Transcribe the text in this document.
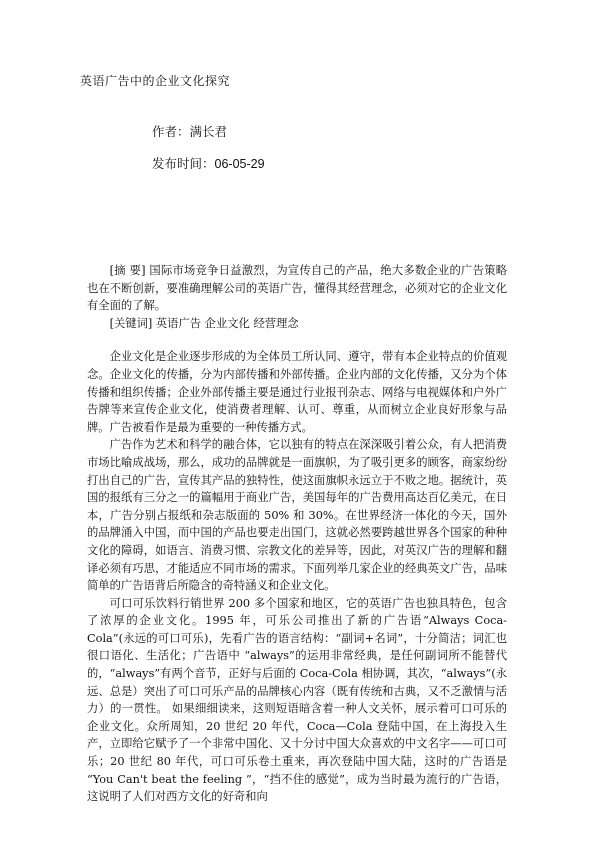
英语广告中的企业文化探究
作者：满长君
发布时间：06-05-29

[摘 要] 国际市场竞争日益激烈，为宣传自己的产品，绝大多数企业的广告策略也在不断创新，要准确理解公司的英语广告，懂得其经营理念，必须对它的企业文化有全面的了解。

[关键词] 英语广告 企业文化 经营理念

企业文化是企业逐步形成的为全体员工所认同、遵守，带有本企业特点的价值观念。企业文化的传播，分为内部传播和外部传播。企业内部的文化传播，又分为个体传播和组织传播；企业外部传播主要是通过行业报刊杂志、网络与电视媒体和户外广告牌等来宣传企业文化，使消费者理解、认可、尊重，从而树立企业良好形象与品牌。广告被看作是最为重要的一种传播方式。

广告作为艺术和科学的融合体，它以独有的特点在深深吸引着公众，有人把消费市场比喻成战场，那么，成功的品牌就是一面旗帜，为了吸引更多的顾客，商家纷纷打出自己的广告，宣传其产品的独特性，使这面旗帜永远立于不败之地。据统计，英国的报纸有三分之一的篇幅用于商业广告，美国每年的广告费用高达百亿美元，在日本，广告分别占报纸和杂志版面的 50% 和 30%。在世界经济一体化的今天，国外的品牌涌入中国，而中国的产品也要走出国门，这就必然要跨越世界各个国家的种种文化的障碍，如语言、消费习惯、宗教文化的差异等，因此，对英汉广告的理解和翻译必须有巧思，才能适应不同市场的需求。下面列举几家企业的经典英文广告，品味简单的广告语背后所隐含的奇特涵义和企业文化。

可口可乐饮料行销世界 200 多个国家和地区，它的英语广告也独具特色，包含了浓厚的企业文化。1995 年，可乐公司推出了新的广告语“Always Coca-Cola”(永远的可口可乐)，先看广告的语言结构：“副词+名词”，十分简洁；词汇也很口语化、生活化；广告语中 “always”的运用非常经典，是任何副词所不能替代的，“always”有两个音节，正好与后面的 Coca-Cola 相协调，其次，“always”(永远、总是）突出了可口可乐产品的品牌核心内容（既有传统和古典，又不乏激情与活力）的一贯性。 如果细细读来，这则短语暗含着一种人文关怀，展示着可口可乐的企业文化。众所周知，20 世纪 20 年代，Coca—Cola 登陆中国，在上海投入生产，立即给它赋予了一个非常中国化、又十分讨中国大众喜欢的中文名字——可口可乐；20 世纪 80 年代，可口可乐卷土重来，再次登陆中国大陆，这时的广告语是 “You Can't beat the feeling ”，“挡不住的感觉”，成为当时最为流行的广告语，这说明了人们对西方文化的好奇和向
